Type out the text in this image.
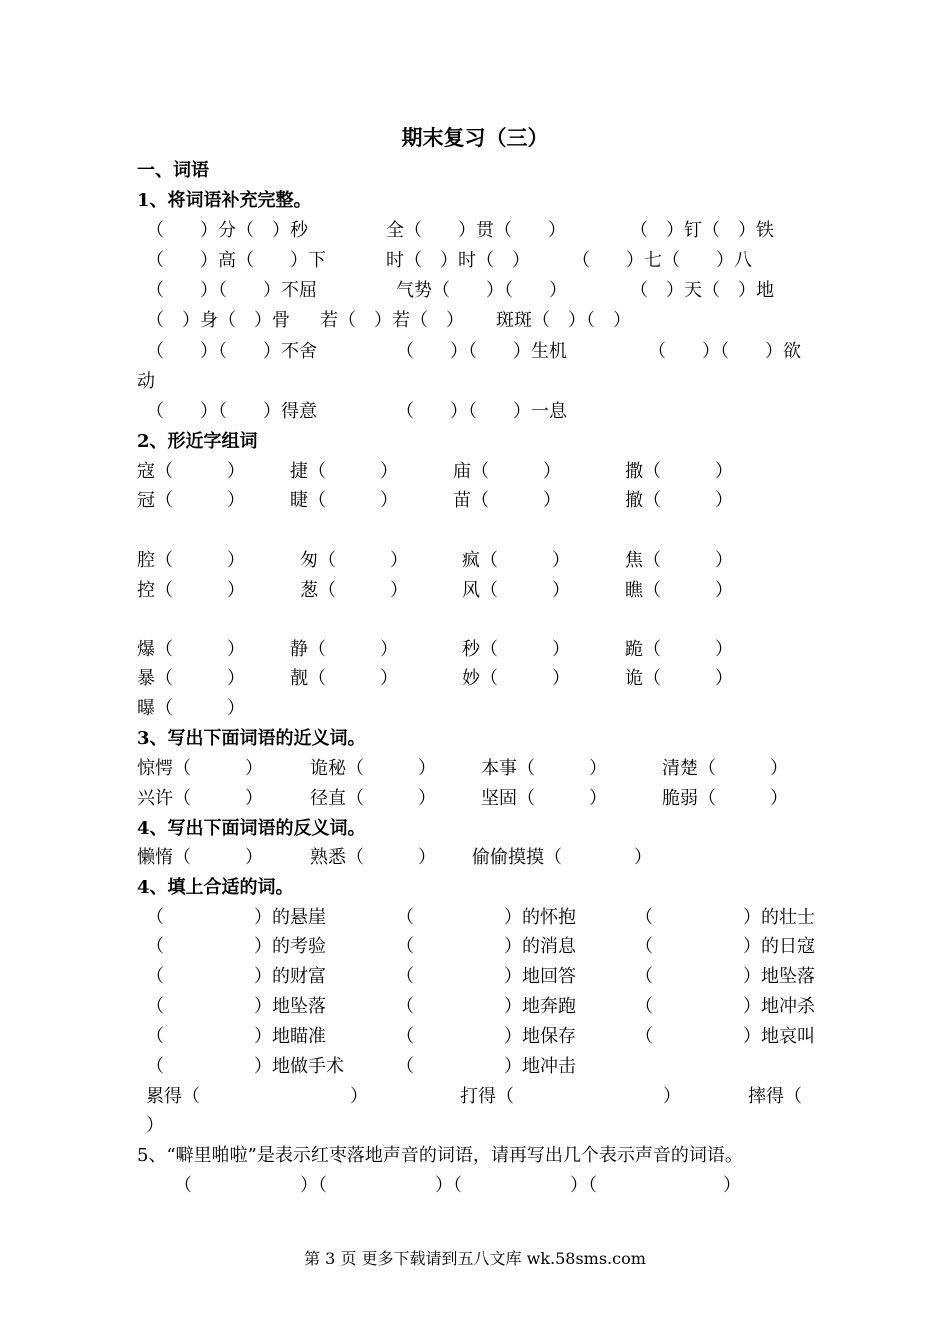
期末复习（三）
一、词语
1、将词语补充完整。
（　　）分（　）秒	全（　　）贯（　　）	（　）钉（　）铁
（　　）高（　　）下	时（　）时（　） （　　）七（　　）八
（　　）（　　）不屈	气势（　　）（　　）	（　）天（　）地
（　）身（　）骨 若（　）若（　） 斑斑（　）（　）
（　　）（　　）不舍	（　　）（　　）生机	（　　）（　　）欲
动
（　　）（　　）得意	（　　）（　　）一息
2、形近字组词
寇（　　　）	捷（　　　）	庙（　　　）	撒（　　　）
冠（　　　）	睫（　　　）	苗（　　　）	撤（　　　）
腔（　　　）	匆（　　　）	疯（　　　）	焦（　　　）
控（　　　）	葱（　　　）	风（　　　）	瞧（　　　）
爆（　　　）	静（　　　）	秒（　　　）	跪（　　　）
暴（　　　）	靓（　　　）	妙（　　　）	诡（　　　）
曝（　　　）
3、写出下面词语的近义词。
惊愕（　　　）	诡秘（　　　）	本事（　　　）	清楚（　　　）
兴许（　　　）	径直（　　　）	坚固（　　　）	脆弱（　　　）
4、写出下面词语的反义词。
懒惰（　　　）	熟悉（　　　） 偷偷摸摸（　　　　）
4、填上合适的词。
（　　　　　）的悬崖	（　　　　　）的怀抱	（　　　　　）的壮士
（　　　　　）的考验	（　　　　　）的消息	（　　　　　）的日寇
（　　　　　）的财富	（　　　　　）地回答	（　　　　　）地坠落
（　　　　　）地坠落	（　　　　　）地奔跑	（　　　　　）地冲杀
（　　　　　）地瞄准	（　　　　　）地保存	（　　　　　）地哀叫
（　　　　　）地做手术	（　　　　　）地冲击
累得（	）	打得（	）	摔得（
）
5、“噼里啪啦”是表示红枣落地声音的词语，请再写出几个表示声音的词语。
（　　　　　　）（　　　　　　）（　　　　　　）（　　　　　　　）
第 3 页 更多下载请到五八文库 wk.58sms.com
